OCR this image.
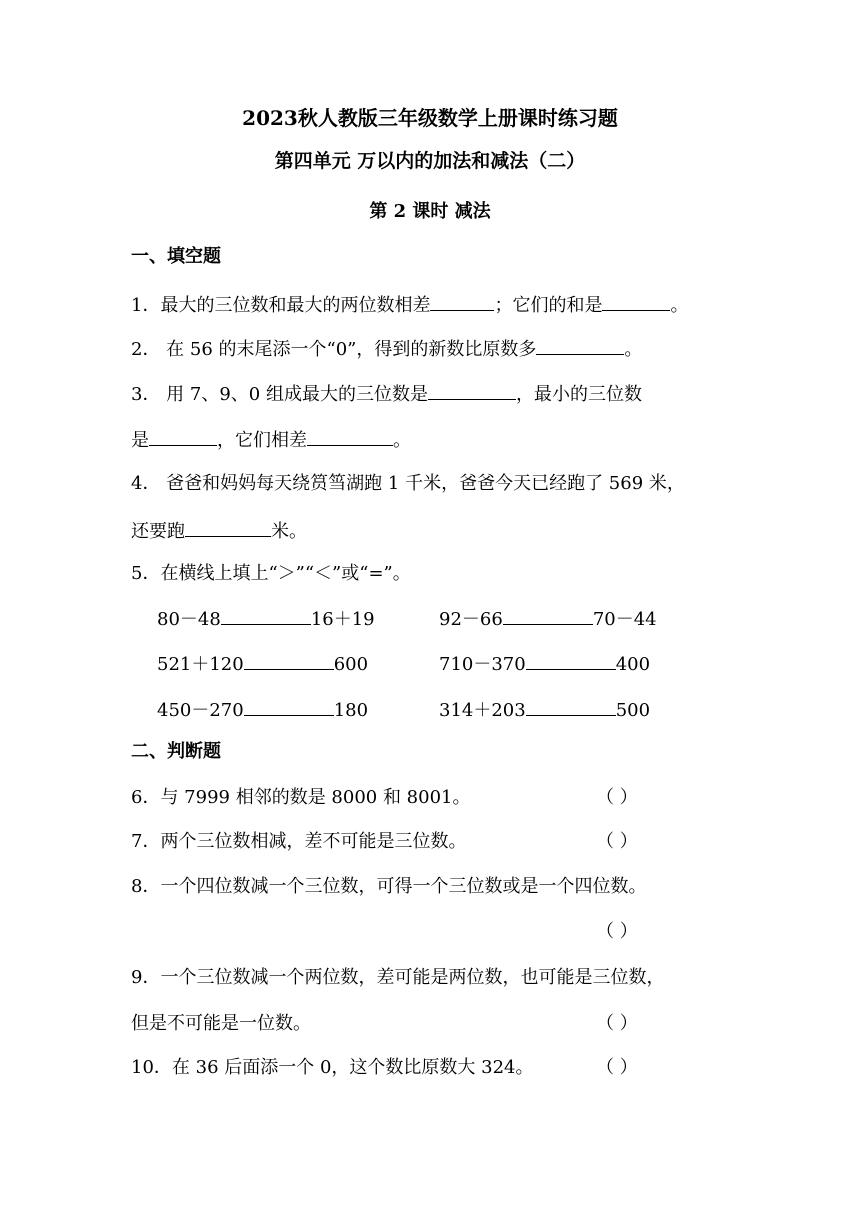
2023秋人教版三年级数学上册课时练习题
第四单元 万以内的加法和减法（二）
第 2 课时 减法
一、填空题
1．最大的三位数和最大的两位数相差	；它们的和是	。
2． 在 56 的末尾添一个“0”，得到的新数比原数多	。
3． 用 7、9、0 组成最大的三位数是	，最小的三位数
是	，它们相差	。
4． 爸爸和妈妈每天绕筼筜湖跑 1 千米，爸爸今天已经跑了 569 米，
还要跑	米。
5．在横线上填上“＞”“＜”或“=”。
80－48	16＋19	92－66	70－44
521＋120	600	710－370	400
450－270	180	314＋203	500
二、判断题
6．与 7999 相邻的数是 8000 和 8001。	（ ）
7．两个三位数相减，差不可能是三位数。	（ ）
8．一个四位数减一个三位数，可得一个三位数或是一个四位数。
（ ）
9．一个三位数减一个两位数，差可能是两位数，也可能是三位数，
但是不可能是一位数。	（ ）
10．在 36 后面添一个 0，这个数比原数大 324。	（ ）
